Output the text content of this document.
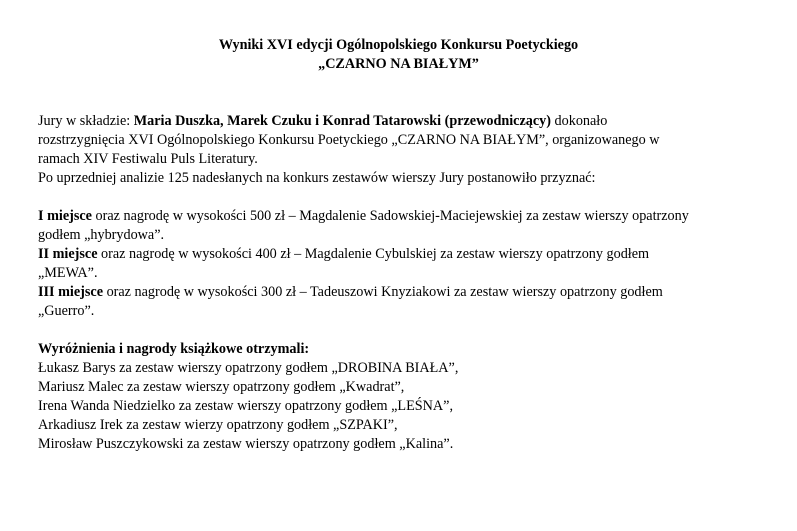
Wyniki XVI edycji Ogólnopolskiego Konkursu Poetyckiego
„CZARNO NA BIAŁYM”
Jury w składzie: Maria Duszka, Marek Czuku i Konrad Tatarowski (przewodniczący) dokonało
rozstrzygnięcia XVI Ogólnopolskiego Konkursu Poetyckiego „CZARNO NA BIAŁYM”, organizowanego w
ramach XIV Festiwalu Puls Literatury.
Po uprzedniej analizie 125 nadesłanych na konkurs zestawów wierszy Jury postanowiło przyznać:
I miejsce oraz nagrodę w wysokości 500 zł – Magdalenie Sadowskiej-Maciejewskiej za zestaw wierszy opatrzony
godłem „hybrydowa”.
II miejsce oraz nagrodę w wysokości 400 zł – Magdalenie Cybulskiej za zestaw wierszy opatrzony godłem
„MEWA”.
III miejsce oraz nagrodę w wysokości 300 zł – Tadeuszowi Knyziakowi za zestaw wierszy opatrzony godłem
„Guerro”.
Wyróżnienia i nagrody książkowe otrzymali:
Łukasz Barys za zestaw wierszy opatrzony godłem „DROBINA BIAŁA”,
Mariusz Malec za zestaw wierszy opatrzony godłem „Kwadrat”,
Irena Wanda Niedzielko za zestaw wierszy opatrzony godłem „LEŚNA”,
Arkadiusz Irek za zestaw wierzy opatrzony godłem „SZPAKI”,
Mirosław Puszczykowski za zestaw wierszy opatrzony godłem „Kalina”.
